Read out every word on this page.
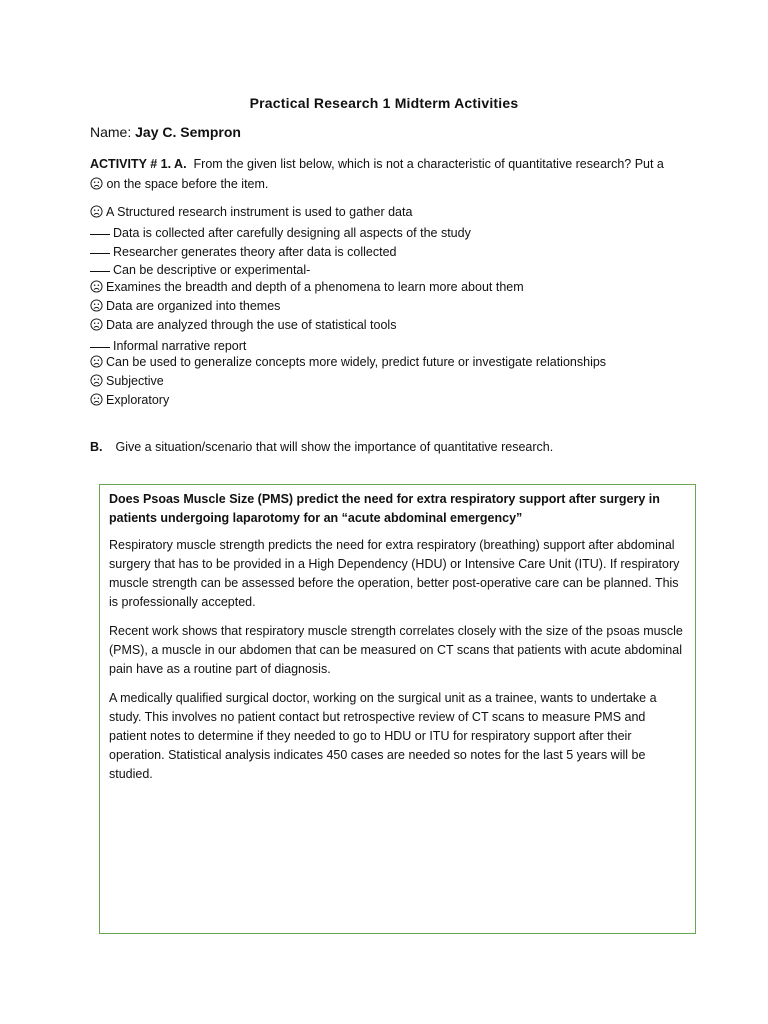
Practical Research 1 Midterm Activities
Name: Jay C. Sempron
ACTIVITY # 1. A. From the given list below, which is not a characteristic of quantitative research? Put a

on the space before the item.
A Structured research instrument is used to gather data
Data is collected after carefully designing all aspects of the study
Researcher generates theory after data is collected
Can be descriptive or experimental-
Examines the breadth and depth of a phenomena to learn more about them
Data are organized into themes
Data are analyzed through the use of statistical tools
Informal narrative report
Can be used to generalize concepts more widely, predict future or investigate relationships
Subjective
Exploratory
B. Give a situation/scenario that will show the importance of quantitative research.

Does Psoas Muscle Size (PMS) predict the need for extra respiratory support after surgery in patients undergoing laparotomy for an “acute abdominal emergency”

Respiratory muscle strength predicts the need for extra respiratory (breathing) support after abdominal surgery that has to be provided in a High Dependency (HDU) or Intensive Care Unit (ITU). If respiratory muscle strength can be assessed before the operation, better post-operative care can be planned. This is professionally accepted.

Recent work shows that respiratory muscle strength correlates closely with the size of the psoas muscle (PMS), a muscle in our abdomen that can be measured on CT scans that patients with acute abdominal pain have as a routine part of diagnosis.

A medically qualified surgical doctor, working on the surgical unit as a trainee, wants to undertake a study. This involves no patient contact but retrospective review of CT scans to measure PMS and patient notes to determine if they needed to go to HDU or ITU for respiratory support after their operation. Statistical analysis indicates 450 cases are needed so notes for the last 5 years will be studied.
